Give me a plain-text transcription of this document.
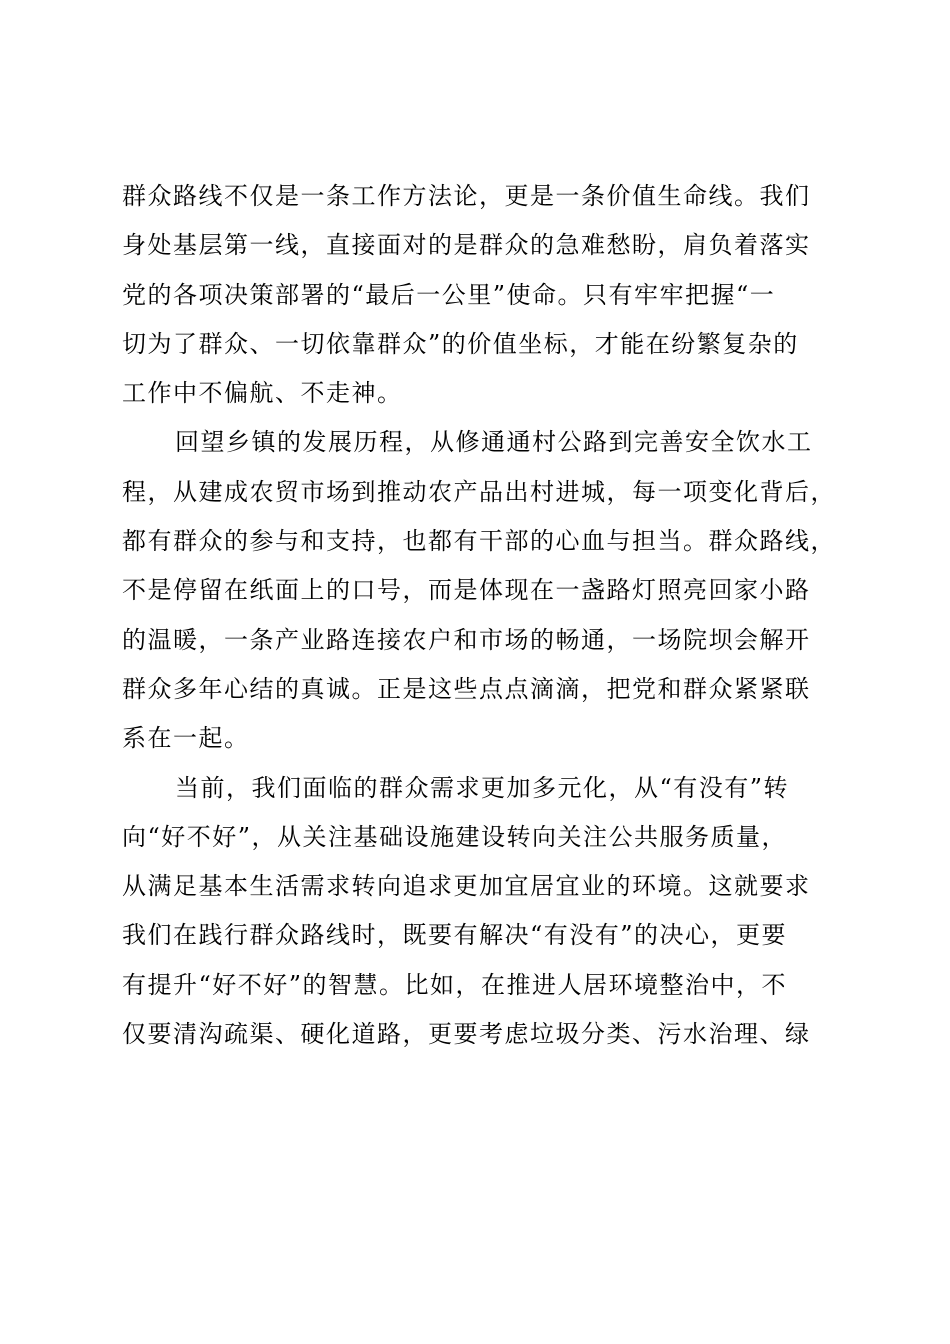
群众路线不仅是一条工作方法论，更是一条价值生命线。我们
身处基层第一线，直接面对的是群众的急难愁盼，肩负着落实
党的各项决策部署的“最后一公里”使命。只有牢牢把握“一
切为了群众、一切依靠群众”的价值坐标，才能在纷繁复杂的
工作中不偏航、不走神。
回望乡镇的发展历程，从修通通村公路到完善安全饮水工
程，从建成农贸市场到推动农产品出村进城，每一项变化背后，
都有群众的参与和支持，也都有干部的心血与担当。群众路线，
不是停留在纸面上的口号，而是体现在一盏路灯照亮回家小路
的温暖，一条产业路连接农户和市场的畅通，一场院坝会解开
群众多年心结的真诚。正是这些点点滴滴，把党和群众紧紧联
系在一起。
当前，我们面临的群众需求更加多元化，从“有没有”转
向“好不好”，从关注基础设施建设转向关注公共服务质量，
从满足基本生活需求转向追求更加宜居宜业的环境。这就要求
我们在践行群众路线时，既要有解决“有没有”的决心，更要
有提升“好不好”的智慧。比如，在推进人居环境整治中，不
仅要清沟疏渠、硬化道路，更要考虑垃圾分类、污水治理、绿
